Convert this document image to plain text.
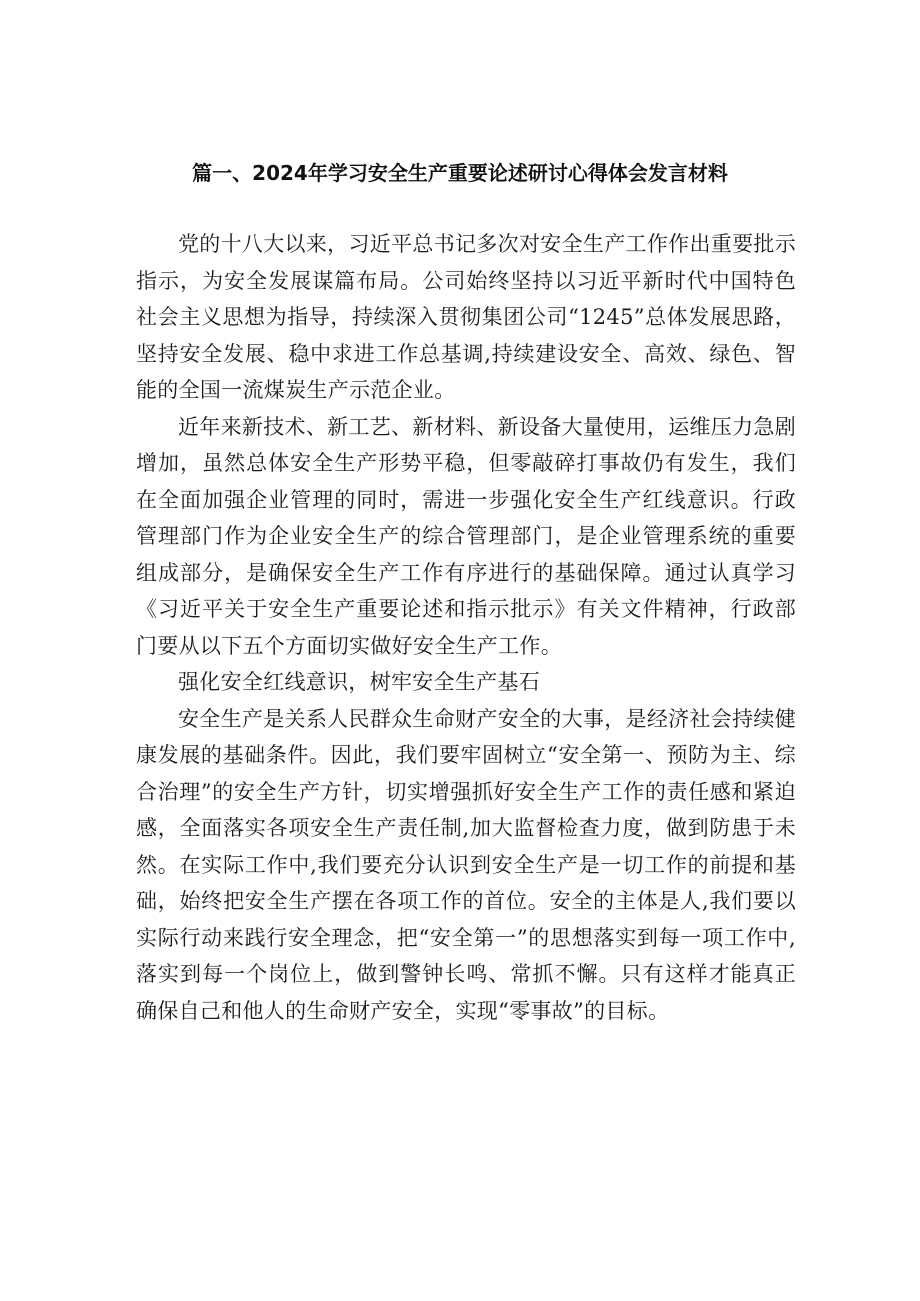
篇一、2024年学习安全生产重要论述研讨心得体会发言材料

党的十八大以来，习近平总书记多次对安全生产工作作出重要批示指示，为安全发展谋篇布局。公司始终坚持以习近平新时代中国特色社会主义思想为指导，持续深入贯彻集团公司“1245”总体发展思路，坚持安全发展、稳中求进工作总基调,持续建设安全、高效、绿色、智能的全国一流煤炭生产示范企业。

近年来新技术、新工艺、新材料、新设备大量使用，运维压力急剧增加，虽然总体安全生产形势平稳，但零敲碎打事故仍有发生，我们在全面加强企业管理的同时，需进一步强化安全生产红线意识。行政管理部门作为企业安全生产的综合管理部门，是企业管理系统的重要组成部分，是确保安全生产工作有序进行的基础保障。通过认真学习《习近平关于安全生产重要论述和指示批示》有关文件精神，行政部门要从以下五个方面切实做好安全生产工作。

强化安全红线意识，树牢安全生产基石

安全生产是关系人民群众生命财产安全的大事，是经济社会持续健康发展的基础条件。因此，我们要牢固树立“安全第一、预防为主、综合治理”的安全生产方针，切实增强抓好安全生产工作的责任感和紧迫感，全面落实各项安全生产责任制,加大监督检查力度，做到防患于未然。在实际工作中,我们要充分认识到安全生产是一切工作的前提和基础，始终把安全生产摆在各项工作的首位。安全的主体是人,我们要以实际行动来践行安全理念，把“安全第一”的思想落实到每一项工作中,落实到每一个岗位上，做到警钟长鸣、常抓不懈。只有这样才能真正确保自己和他人的生命财产安全，实现“零事故”的目标。
